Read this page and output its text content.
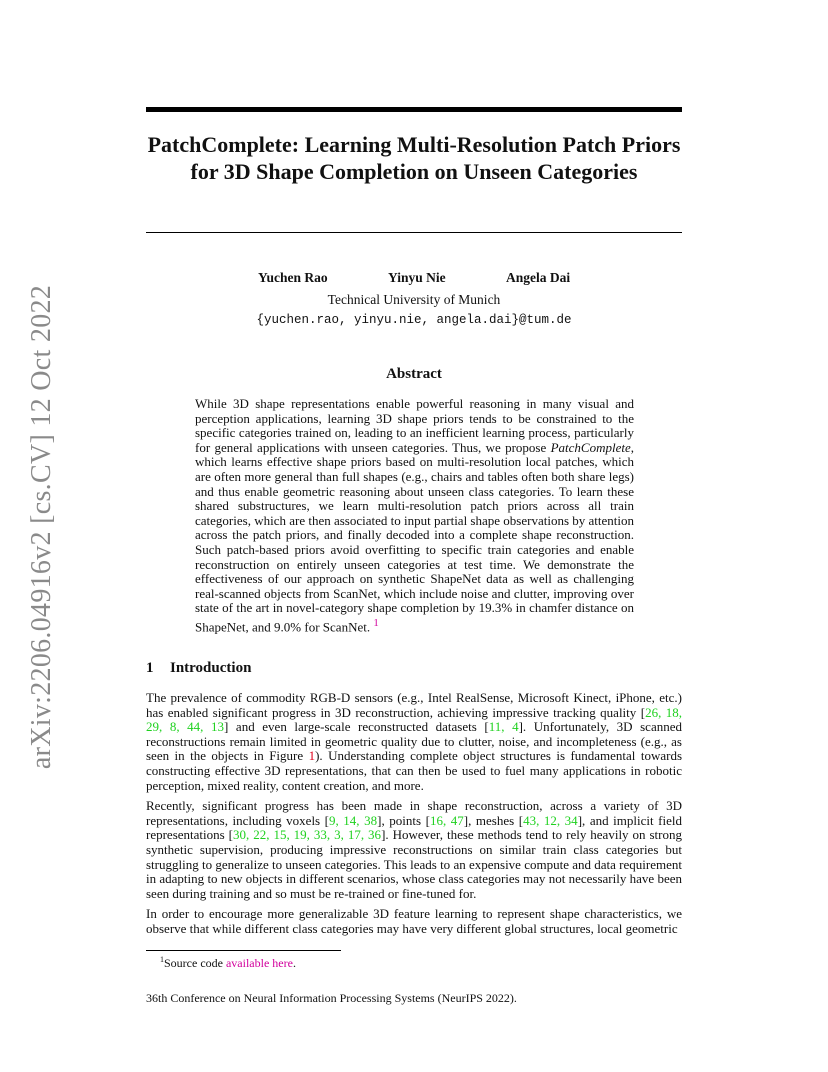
arXiv:2206.04916v2 [cs.CV] 12 Oct 2022
PatchComplete: Learning Multi-Resolution Patch Priors for 3D Shape Completion on Unseen Categories
Yuchen Rao	Yinyu Nie	Angela Dai
Technical University of Munich
{yuchen.rao, yinyu.nie, angela.dai}@tum.de
Abstract

While 3D shape representations enable powerful reasoning in many visual and perception applications, learning 3D shape priors tends to be constrained to the specific categories trained on, leading to an inefficient learning process, particularly for general applications with unseen categories. Thus, we propose PatchComplete, which learns effective shape priors based on multi-resolution local patches, which are often more general than full shapes (e.g., chairs and tables often both share legs) and thus enable geometric reasoning about unseen class categories. To learn these shared substructures, we learn multi-resolution patch priors across all train categories, which are then associated to input partial shape observations by attention across the patch priors, and finally decoded into a complete shape reconstruction. Such patch-based priors avoid overfitting to specific train categories and enable reconstruction on entirely unseen categories at test time. We demonstrate the effectiveness of our approach on synthetic ShapeNet data as well as challenging real-scanned objects from ScanNet, which include noise and clutter, improving over state of the art in novel-category shape completion by 19.3% in chamfer distance on ShapeNet, and 9.0% for ScanNet. $^1$

1 Introduction

The prevalence of commodity RGB-D sensors (e.g., Intel RealSense, Microsoft Kinect, iPhone, etc.) has enabled significant progress in 3D reconstruction, achieving impressive tracking quality [26, 18, 29, 8, 44, 13] and even large-scale reconstructed datasets [11, 4]. Unfortunately, 3D scanned reconstructions remain limited in geometric quality due to clutter, noise, and incompleteness (e.g., as seen in the objects in Figure 1). Understanding complete object structures is fundamental towards constructing effective 3D representations, that can then be used to fuel many applications in robotic perception, mixed reality, content creation, and more.

Recently, significant progress has been made in shape reconstruction, across a variety of 3D representations, including voxels [9, 14, 38], points [16, 47], meshes [43, 12, 34], and implicit field representations [30, 22, 15, 19, 33, 3, 17, 36]. However, these methods tend to rely heavily on strong synthetic supervision, producing impressive reconstructions on similar train class categories but struggling to generalize to unseen categories. This leads to an expensive compute and data requirement in adapting to new objects in different scenarios, whose class categories may not necessarily have been seen during training and so must be re-trained or fine-tuned for.

In order to encourage more generalizable 3D feature learning to represent shape characteristics, we observe that while different class categories may have very different global structures, local geometric

$^1$Source code available here.
36th Conference on Neural Information Processing Systems (NeurIPS 2022).
